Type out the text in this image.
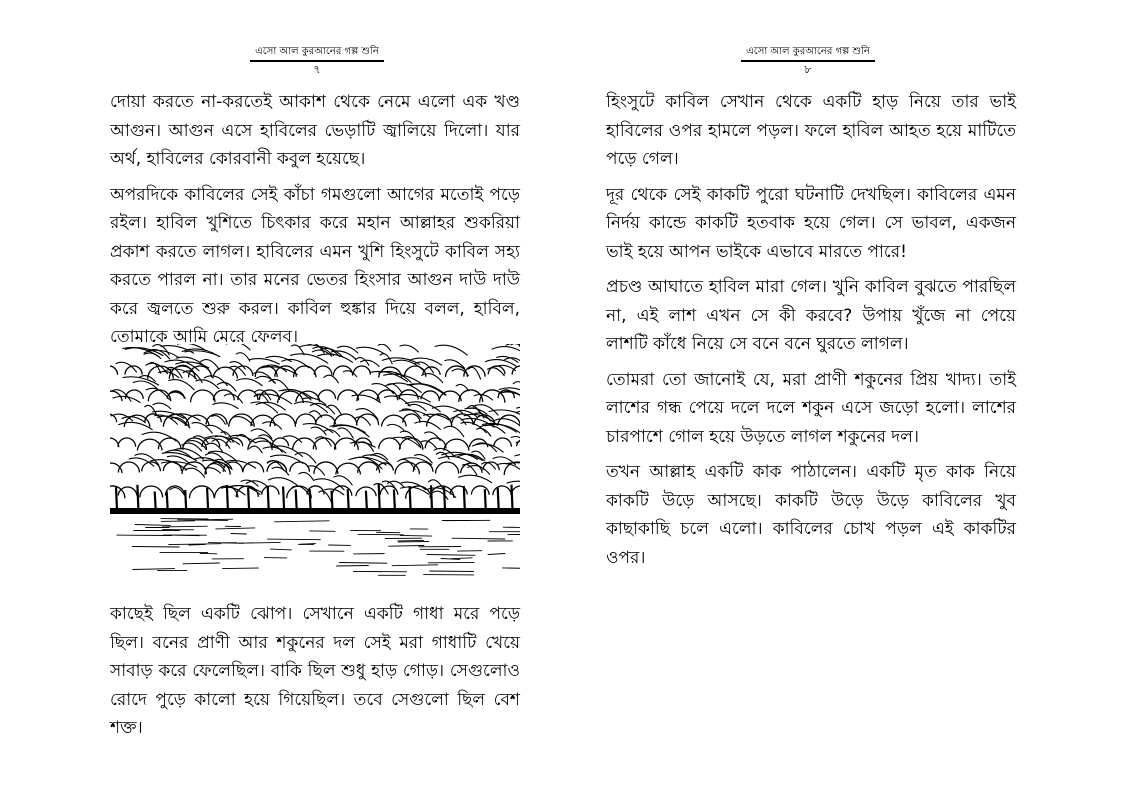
এসো আল কুরআনের গল্প শুনি
৭

দোয়া করতে না-করতেই আকাশ থেকে নেমে এলো এক খণ্ড আগুন। আগুন এসে হাবিলের ভেড়াটি জ্বালিয়ে দিলো। যার অর্থ, হাবিলের কোরবানী কবুল হয়েছে।

অপরদিকে কাবিলের সেই কাঁচা গমগুলো আগের মতোই পড়ে রইল। হাবিল খুশিতে চিৎকার করে মহান আল্লাহর শুকরিয়া প্রকাশ করতে লাগল। হাবিলের এমন খুশি হিংসুটে কাবিল সহ্য করতে পারল না। তার মনের ভেতর হিংসার আগুন দাউ দাউ করে জ্বলতে শুরু করল। কাবিল হুঙ্কার দিয়ে বলল, হাবিল, তোমাকে আমি মেরে ফেলব।

কাছেই ছিল একটি ঝোপ। সেখানে একটি গাধা মরে পড়ে ছিল। বনের প্রাণী আর শকুনের দল সেই মরা গাধাটি খেয়ে সাবাড় করে ফেলেছিল। বাকি ছিল শুধু হাড় গোড়। সেগুলোও রোদে পুড়ে কালো হয়ে গিয়েছিল। তবে সেগুলো ছিল বেশ শক্ত।

এসো আল কুরআনের গল্প শুনি
৮

হিংসুটে কাবিল সেখান থেকে একটি হাড় নিয়ে তার ভাই হাবিলের ওপর হামলে পড়ল। ফলে হাবিল আহত হয়ে মাটিতে পড়ে গেল।

দূর থেকে সেই কাকটি পুরো ঘটনাটি দেখছিল। কাবিলের এমন নির্দয় কান্ডে কাকটি হতবাক হয়ে গেল। সে ভাবল, একজন ভাই হয়ে আপন ভাইকে এভাবে মারতে পারে!

প্রচণ্ড আঘাতে হাবিল মারা গেল। খুনি কাবিল বুঝতে পারছিল না, এই লাশ এখন সে কী করবে? উপায় খুঁজে না পেয়ে লাশটি কাঁধে নিয়ে সে বনে বনে ঘুরতে লাগল।

তোমরা তো জানোই যে, মরা প্রাণী শকুনের প্রিয় খাদ্য। তাই লাশের গন্ধ পেয়ে দলে দলে শকুন এসে জড়ো হলো। লাশের চারপাশে গোল হয়ে উড়তে লাগল শকুনের দল।

তখন আল্লাহ একটি কাক পাঠালেন। একটি মৃত কাক নিয়ে কাকটি উড়ে আসছে। কাকটি উড়ে উড়ে কাবিলের খুব কাছাকাছি চলে এলো। কাবিলের চোখ পড়ল এই কাকটির ওপর।
